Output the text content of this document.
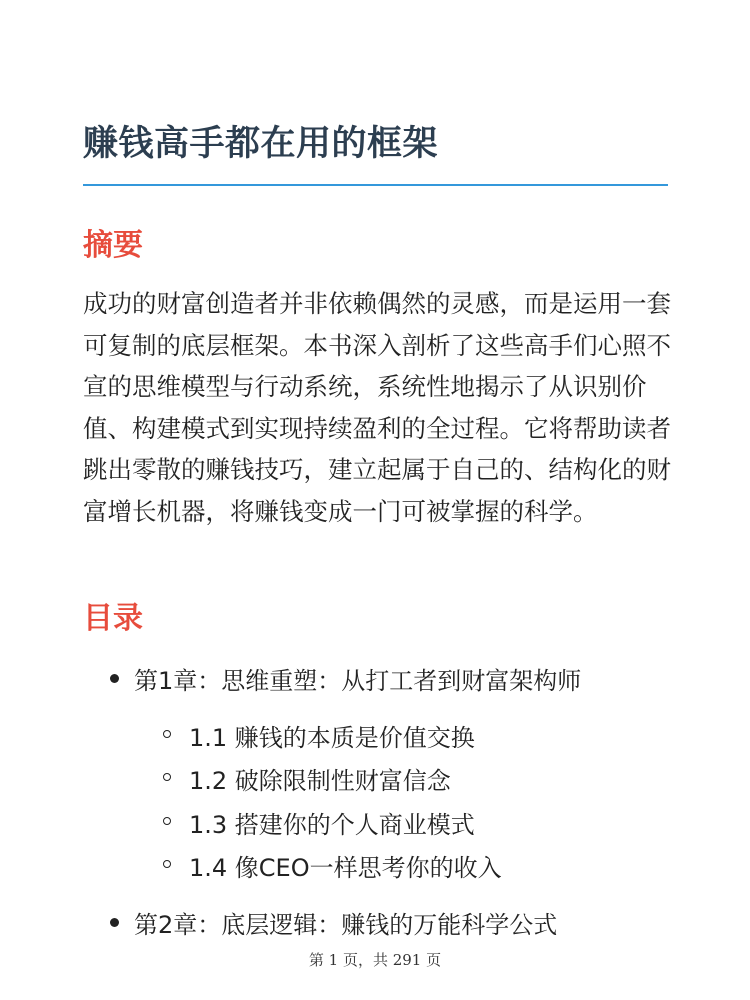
赚钱高手都在用的框架
摘要

成功的财富创造者并非依赖偶然的灵感，而是运用一套可复制的底层框架。本书深入剖析了这些高手们心照不宣的思维模型与行动系统，系统性地揭示了从识别价值、构建模式到实现持续盈利的全过程。它将帮助读者跳出零散的赚钱技巧，建立起属于自己的、结构化的财富增长机器，将赚钱变成一门可被掌握的科学。

目录
第1章：思维重塑：从打工者到财富架构师
1.1 赚钱的本质是价值交换
1.2 破除限制性财富信念
1.3 搭建你的个人商业模式
1.4 像CEO一样思考你的收入
第2章：底层逻辑：赚钱的万能科学公式
第 1 页，共 291 页
